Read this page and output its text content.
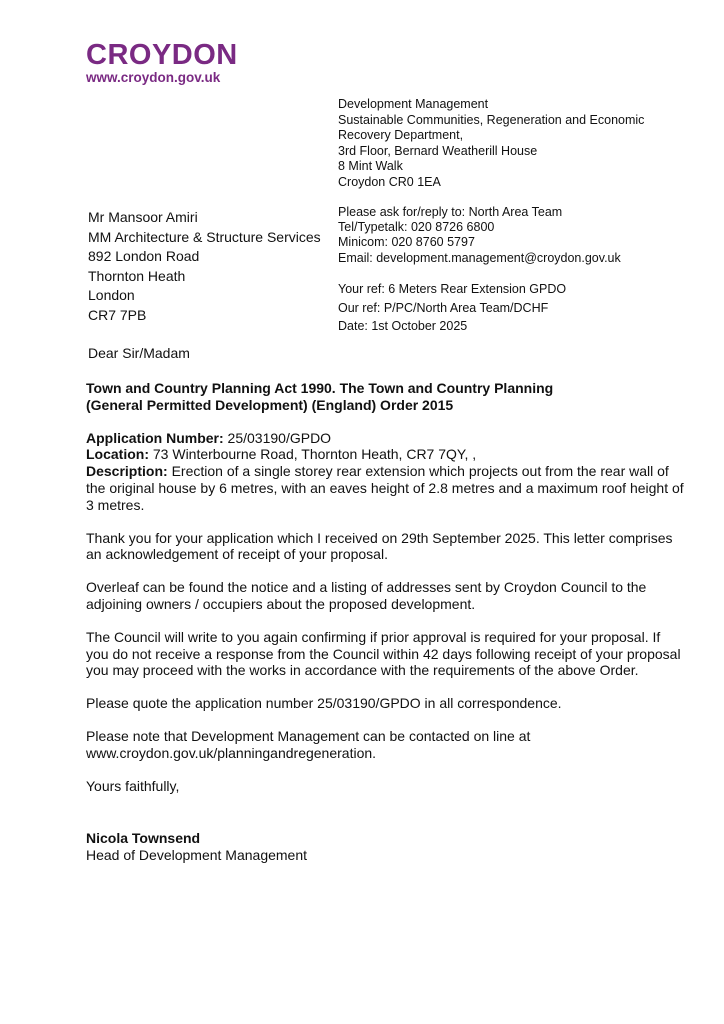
CROYDON
www.croydon.gov.uk
Development Management
Sustainable Communities, Regeneration and Economic
Recovery Department,
3rd Floor, Bernard Weatherill House
8 Mint Walk
Croydon CR0 1EA
Please ask for/reply to: North Area Team
Tel/Typetalk: 020 8726 6800
Minicom: 020 8760 5797
Email: development.management@croydon.gov.uk
Your ref: 6 Meters Rear Extension GPDO
Our ref: P/PC/North Area Team/DCHF
Date: 1st October 2025
Mr Mansoor Amiri
MM Architecture & Structure Services
892 London Road
Thornton Heath
London
CR7 7PB
Dear Sir/Madam

Town and Country Planning Act 1990. The Town and Country Planning
(General Permitted Development) (England) Order 2015

Application Number: 25/03190/GPDO
Location: 73 Winterbourne Road, Thornton Heath, CR7 7QY, ,
Description: Erection of a single storey rear extension which projects out from the rear wall of the original house by 6 metres, with an eaves height of 2.8 metres and a maximum roof height of 3 metres.

Thank you for your application which I received on 29th September 2025. This letter comprises an acknowledgement of receipt of your proposal.

Overleaf can be found the notice and a listing of addresses sent by Croydon Council to the adjoining owners / occupiers about the proposed development.

The Council will write to you again confirming if prior approval is required for your proposal. If you do not receive a response from the Council within 42 days following receipt of your proposal you may proceed with the works in accordance with the requirements of the above Order.

Please quote the application number 25/03190/GPDO in all correspondence.

Please note that Development Management can be contacted on line at www.croydon.gov.uk/planningandregeneration.

Yours faithfully,

Nicola Townsend
Head of Development Management
